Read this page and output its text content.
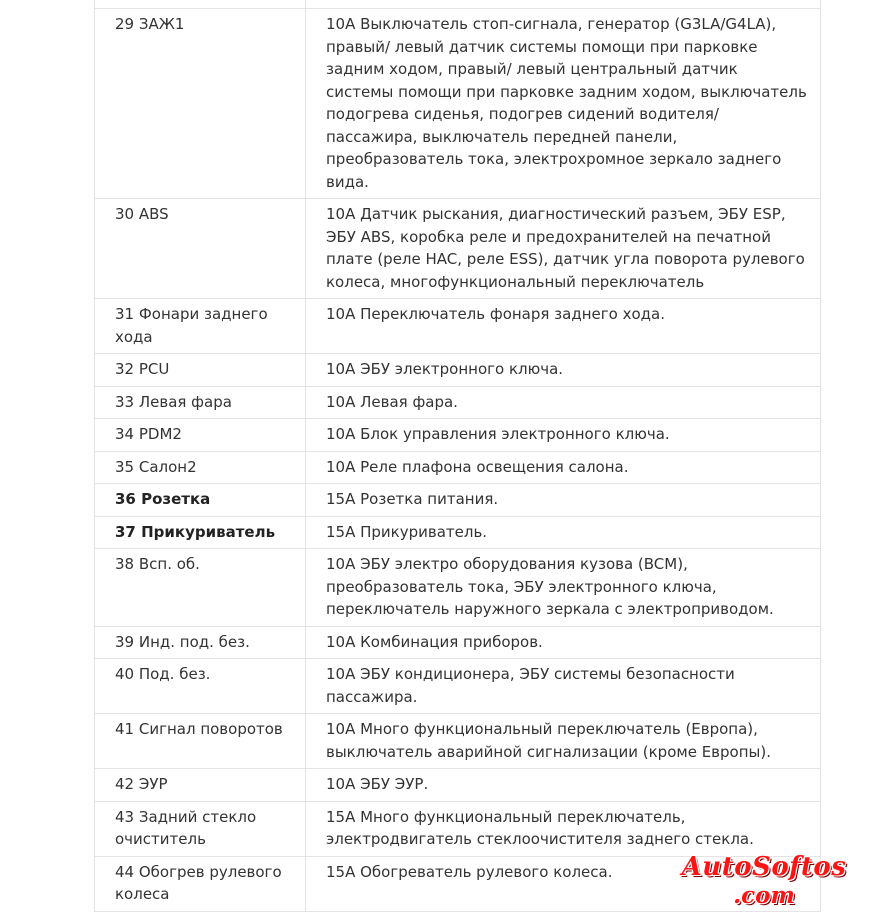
29 ЗАЖ1	10А Выключатель стоп-сигнала, генератор (G3LA/G4LA), правый/ левый датчик системы помощи при парковке задним ходом, правый/ левый центральный датчик системы помощи при парковке задним ходом, выключатель подогрева сиденья, подогрев сидений водителя/ пассажира, выключатель передней панели, преобразователь тока, электрохромное зеркало заднего вида.
30 ABS	10А Датчик рыскания, диагностический разъем, ЭБУ ESP, ЭБУ ABS, коробка реле и предохранителей на печатной плате (реле HAC, реле ESS), датчик угла поворота рулевого колеса, многофункциональный переключатель
31 Фонари заднего хода	10А Переключатель фонаря заднего хода.
32 PCU	10А ЭБУ электронного ключа.
33 Левая фара	10А Левая фара.
34 PDM2	10А Блок управления электронного ключа.
35 Салон2	10А Реле плафона освещения салона.
36 Розетка	15А Розетка питания.
37 Прикуриватель	15А Прикуриватель.
38 Всп. об.	10А ЭБУ электро оборудования кузова (BCM), преобразователь тока, ЭБУ электронного ключа, переключатель наружного зеркала с электроприводом.
39 Инд. под. без.	10А Комбинация приборов.
40 Под. без.	10А ЭБУ кондиционера, ЭБУ системы безопасности пассажира.
41 Сигнал поворотов	10А Много функциональный переключатель (Европа), выключатель аварийной сигнализации (кроме Европы).
42 ЭУР	10А ЭБУ ЭУР.
43 Задний стекло очиститель	15А Много функциональный переключатель, электродвигатель стеклоочистителя заднего стекла.
44 Обогрев рулевого колеса	15А Обогреватель рулевого колеса.	AutoSoftos
.com
